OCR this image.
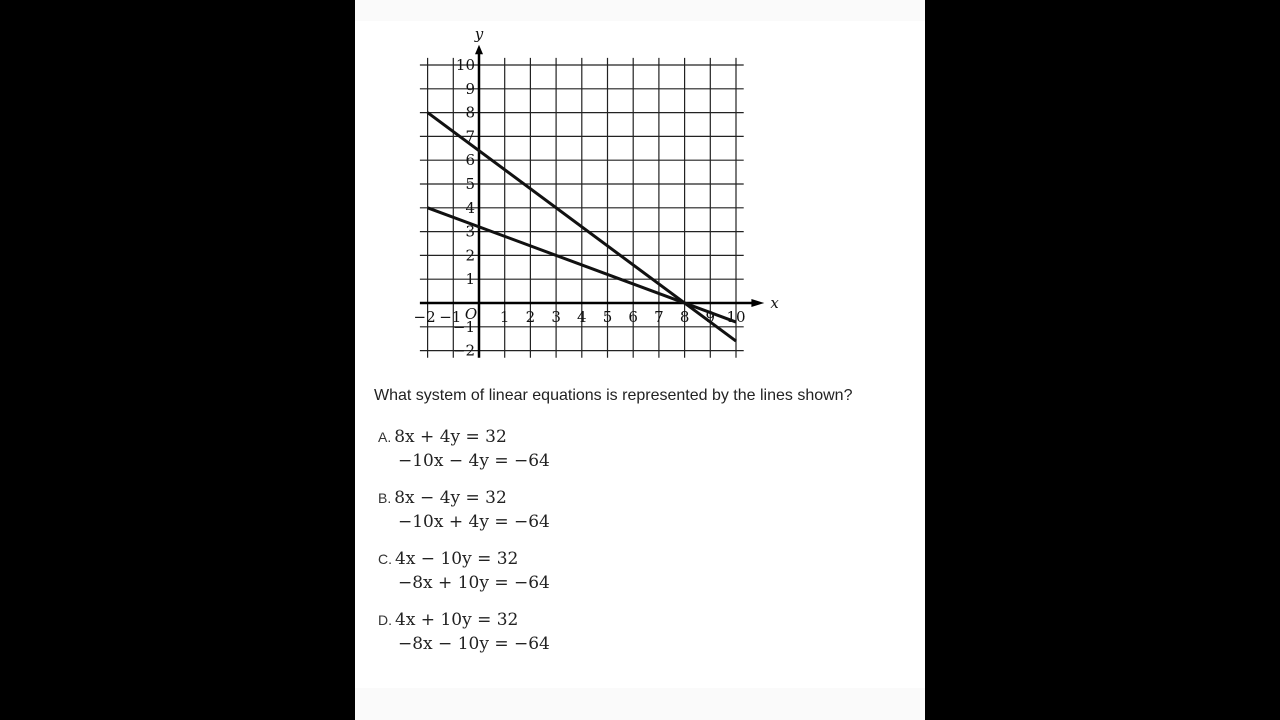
−2 −1	1 2 3 4 5 6 7 8 9 10
10
9
8
7
6
5
4
3
2
1
−1
−2
O
x
y
What system of linear equations is represented by the lines shown?
A. 8x + 4y = 32
−10x − 4y = −64
B. 8x − 4y = 32
−10x + 4y = −64
C. 4x − 10y = 32
−8x + 10y = −64
D. 4x + 10y = 32
−8x − 10y = −64
